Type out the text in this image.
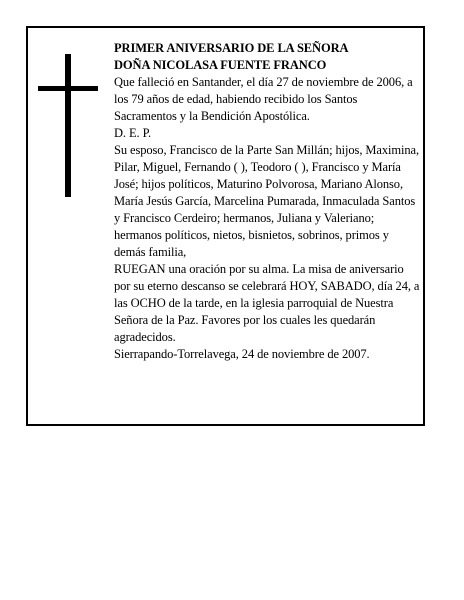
PRIMER ANIVERSARIO DE LA SEÑORA

DOÑA NICOLASA FUENTE FRANCO

Que falleció en Santander, el día 27 de noviembre de 2006, a los 79 años de edad, habiendo recibido los Santos Sacramentos y la Bendición Apostólica.

D. E. P.

Su esposo, Francisco de la Parte San Millán; hijos, Maximina, Pilar, Miguel, Fernando ( ), Teodoro ( ), Francisco y María José; hijos políticos, Maturino Polvorosa, Mariano Alonso, María Jesús García, Marcelina Pumarada, Inmaculada Santos y Francisco Cerdeiro; hermanos, Juliana y Valeriano; hermanos políticos, nietos, bisnietos, sobrinos, primos y demás familia,

RUEGAN una oración por su alma. La misa de aniversario por su eterno descanso se celebrará HOY, SABADO, día 24, a las OCHO de la tarde, en la iglesia parroquial de Nuestra Señora de la Paz. Favores por los cuales les quedarán agradecidos.

Sierrapando-Torrelavega, 24 de noviembre de 2007.
